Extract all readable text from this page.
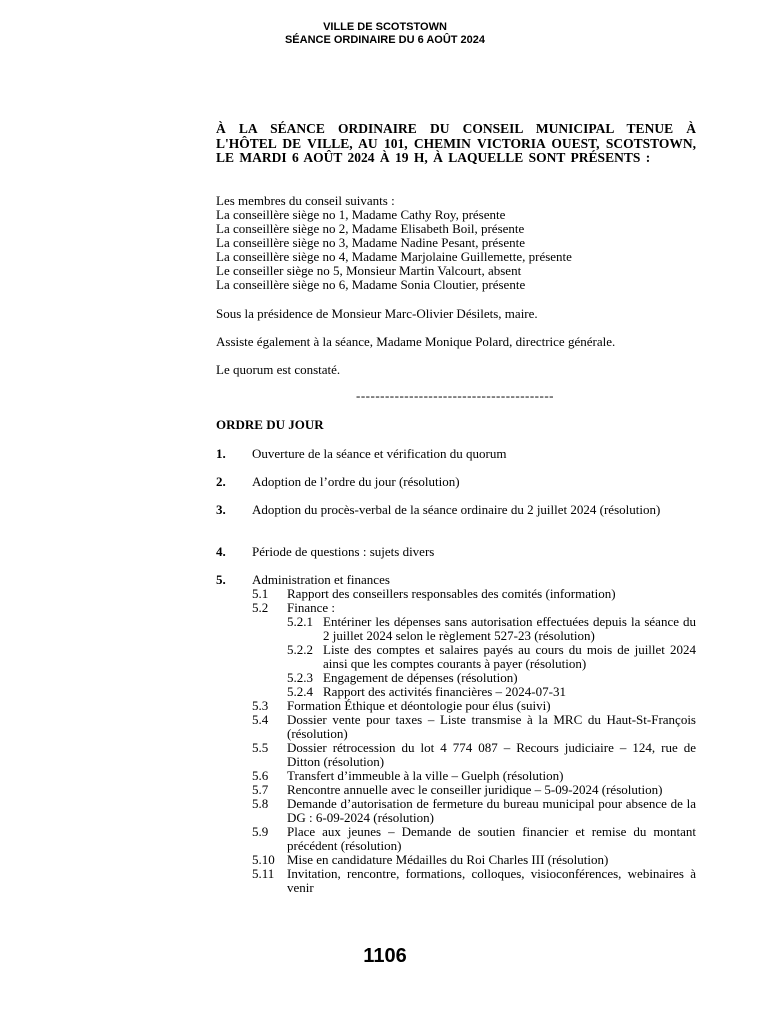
VILLE DE SCOTSTOWN
SÉANCE ORDINAIRE DU 6 AOÛT 2024
À LA SÉANCE ORDINAIRE DU CONSEIL MUNICIPAL TENUE À L'HÔTEL DE VILLE, AU 101, CHEMIN VICTORIA OUEST, SCOTSTOWN, LE MARDI 6 AOÛT 2024 À 19 H, À LAQUELLE SONT PRÉSENTS :
Les membres du conseil suivants :
La conseillère siège no 1, Madame Cathy Roy, présente
La conseillère siège no 2, Madame Elisabeth Boil, présente
La conseillère siège no 3, Madame Nadine Pesant, présente
La conseillère siège no 4, Madame Marjolaine Guillemette, présente
Le conseiller siège no 5, Monsieur Martin Valcourt, absent
La conseillère siège no 6, Madame Sonia Cloutier, présente
Sous la présidence de Monsieur Marc-Olivier Désilets, maire.
Assiste également à la séance, Madame Monique Polard, directrice générale.
Le quorum est constaté.
-----------------------------------------
ORDRE DU JOUR
1. Ouverture de la séance et vérification du quorum
2. Adoption de l’ordre du jour (résolution)
3. Adoption du procès-verbal de la séance ordinaire du 2 juillet 2024 (résolution)
4. Période de questions : sujets divers
5. Administration et finances
5.1 Rapport des conseillers responsables des comités (information)
5.2 Finance :
5.2.1 Entériner les dépenses sans autorisation effectuées depuis la séance du 2 juillet 2024 selon le règlement 527-23 (résolution)
5.2.2 Liste des comptes et salaires payés au cours du mois de juillet 2024 ainsi que les comptes courants à payer (résolution)
5.2.3 Engagement de dépenses (résolution)
5.2.4 Rapport des activités financières – 2024-07-31
5.3 Formation Éthique et déontologie pour élus (suivi)
5.4 Dossier vente pour taxes – Liste transmise à la MRC du Haut-St-François (résolution)
5.5 Dossier rétrocession du lot 4 774 087 – Recours judiciaire – 124, rue de Ditton (résolution)
5.6 Transfert d’immeuble à la ville – Guelph (résolution)
5.7 Rencontre annuelle avec le conseiller juridique – 5-09-2024 (résolution)
5.8 Demande d’autorisation de fermeture du bureau municipal pour absence de la DG : 6-09-2024 (résolution)
5.9 Place aux jeunes – Demande de soutien financier et remise du montant précédent (résolution)
5.10 Mise en candidature Médailles du Roi Charles III (résolution)
5.11 Invitation, rencontre, formations, colloques, visioconférences, webinaires à venir
1106
